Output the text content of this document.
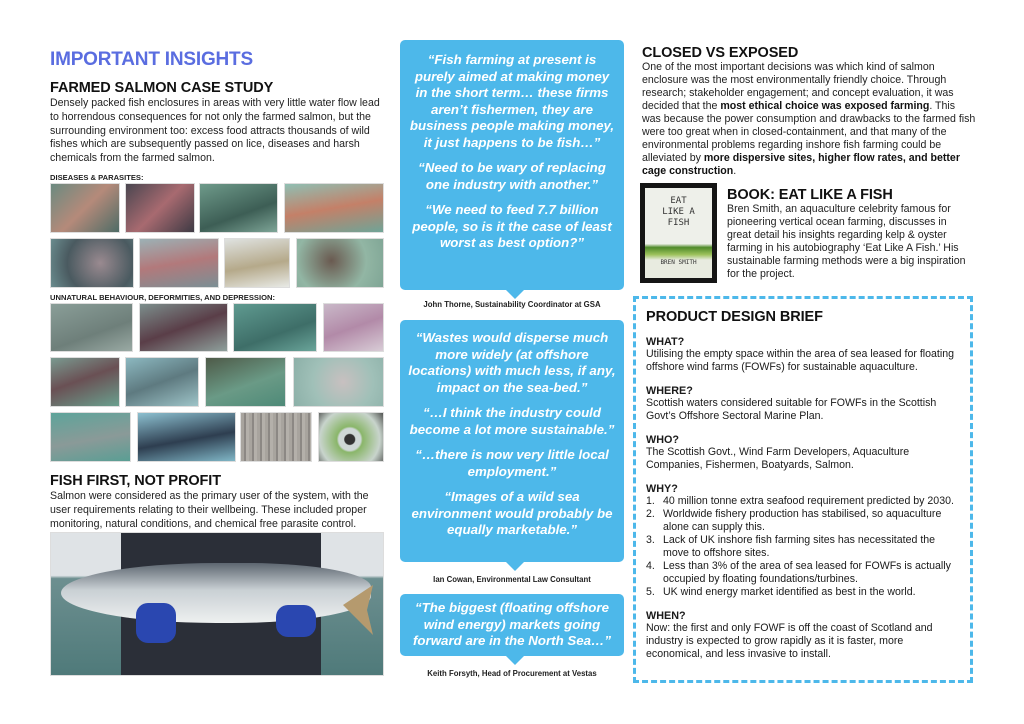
IMPORTANT INSIGHTS
FARMED SALMON CASE STUDY
Densely packed fish enclosures in areas with very little water flow lead to horrendous consequences for not only the farmed salmon, but the surrounding environment too: excess food attracts thousands of wild fishes which are subsequently passed on lice, diseases and harsh chemicals from the farmed salmon.
DISEASES & PARASITES:
UNNATURAL BEHAVIOUR, DEFORMITIES, AND DEPRESSION:
FISH FIRST, NOT PROFIT
Salmon were considered as the primary user of the system, with the user requirements relating to their wellbeing. These included proper monitoring, natural conditions, and chemical free parasite control.

“Fish farming at present is purely aimed at making money in the short term… these firms aren’t fishermen, they are business people making money, it just happens to be fish…”

“Need to be wary of replacing one industry with another.”

“We need to feed 7.7 billion people, so is it the case of least worst as best option?”

John Thorne, Sustainability Coordinator at GSA

“Wastes would disperse much more widely (at offshore locations) with much less, if any, impact on the sea-bed.”

“…I think the industry could become a lot more sustainable.”

“…there is now very little local employment.”

“Images of a wild sea environment would probably be equally marketable.”

Ian Cowan, Environmental Law Consultant

“The biggest (floating offshore wind energy) markets going forward are in the North Sea…”

Keith Forsyth, Head of Procurement at Vestas
CLOSED VS EXPOSED
One of the most important decisions was which kind of salmon enclosure was the most environmentally friendly choice. Through research; stakeholder engagement; and concept evaluation, it was decided that the most ethical choice was exposed farming. This was because the power consumption and drawbacks to the farmed fish were too great when in closed-containment, and that many of the environmental problems regarding inshore fish farming could be alleviated by more dispersive sites, higher flow rates, and better cage construction.
EAT LIKE A FISH
BREN SMITH
BOOK: EAT LIKE A FISH
Bren Smith, an aquaculture celebrity famous for pioneering vertical ocean farming, discusses in great detail his insights regarding kelp & oyster farming in his autobiography ‘Eat Like A Fish.’ His sustainable farming methods were a big inspiration for the project.
PRODUCT DESIGN BRIEF
WHAT?
Utilising the empty space within the area of sea leased for floating offshore wind farms (FOWFs) for sustainable aquaculture.
WHERE?
Scottish waters considered suitable for FOWFs in the Scottish Govt’s Offshore Sectoral Marine Plan.
WHO?
The Scottish Govt., Wind Farm Developers, Aquaculture Companies, Fishermen, Boatyards, Salmon.
WHY?
1. 40 million tonne extra seafood requirement predicted by 2030.
2. Worldwide fishery production has stabilised, so aquaculture alone can supply this.
3. Lack of UK inshore fish farming sites has necessitated the move to offshore sites.
4. Less than 3% of the area of sea leased for FOWFs is actually occupied by floating foundations/turbines.
5. UK wind energy market identified as best in the world.
WHEN?
Now: the first and only FOWF is off the coast of Scotland and industry is expected to grow rapidly as it is faster, more economical, and less invasive to install.
